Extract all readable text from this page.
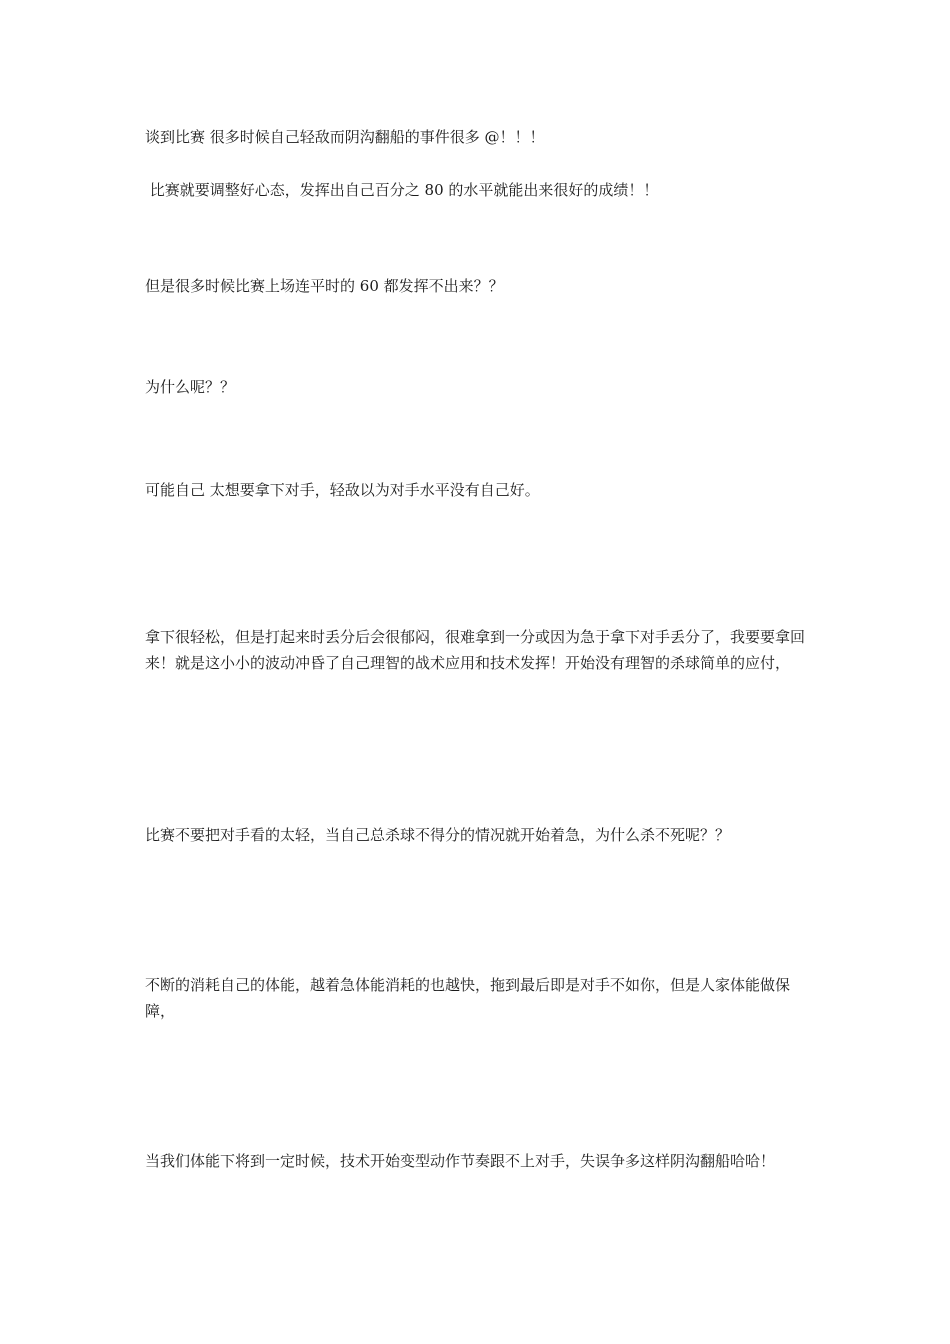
谈到比赛 很多时候自己轻敌而阴沟翻船的事件很多 @！！！

比赛就要调整好心态，发挥出自己百分之 80 的水平就能出来很好的成绩！！

但是很多时候比赛上场连平时的 60 都发挥不出来？？

为什么呢？？

可能自己 太想要拿下对手，轻敌以为对手水平没有自己好。

拿下很轻松，但是打起来时丢分后会很郁闷，很难拿到一分或因为急于拿下对手丢分了，我要要拿回来！就是这小小的波动冲昏了自己理智的战术应用和技术发挥！开始没有理智的杀球简单的应付，

比赛不要把对手看的太轻，当自己总杀球不得分的情况就开始着急，为什么杀不死呢？？

不断的消耗自己的体能，越着急体能消耗的也越快，拖到最后即是对手不如你，但是人家体能做保障，

当我们体能下将到一定时候，技术开始变型动作节奏跟不上对手，失误争多这样阴沟翻船哈哈！
